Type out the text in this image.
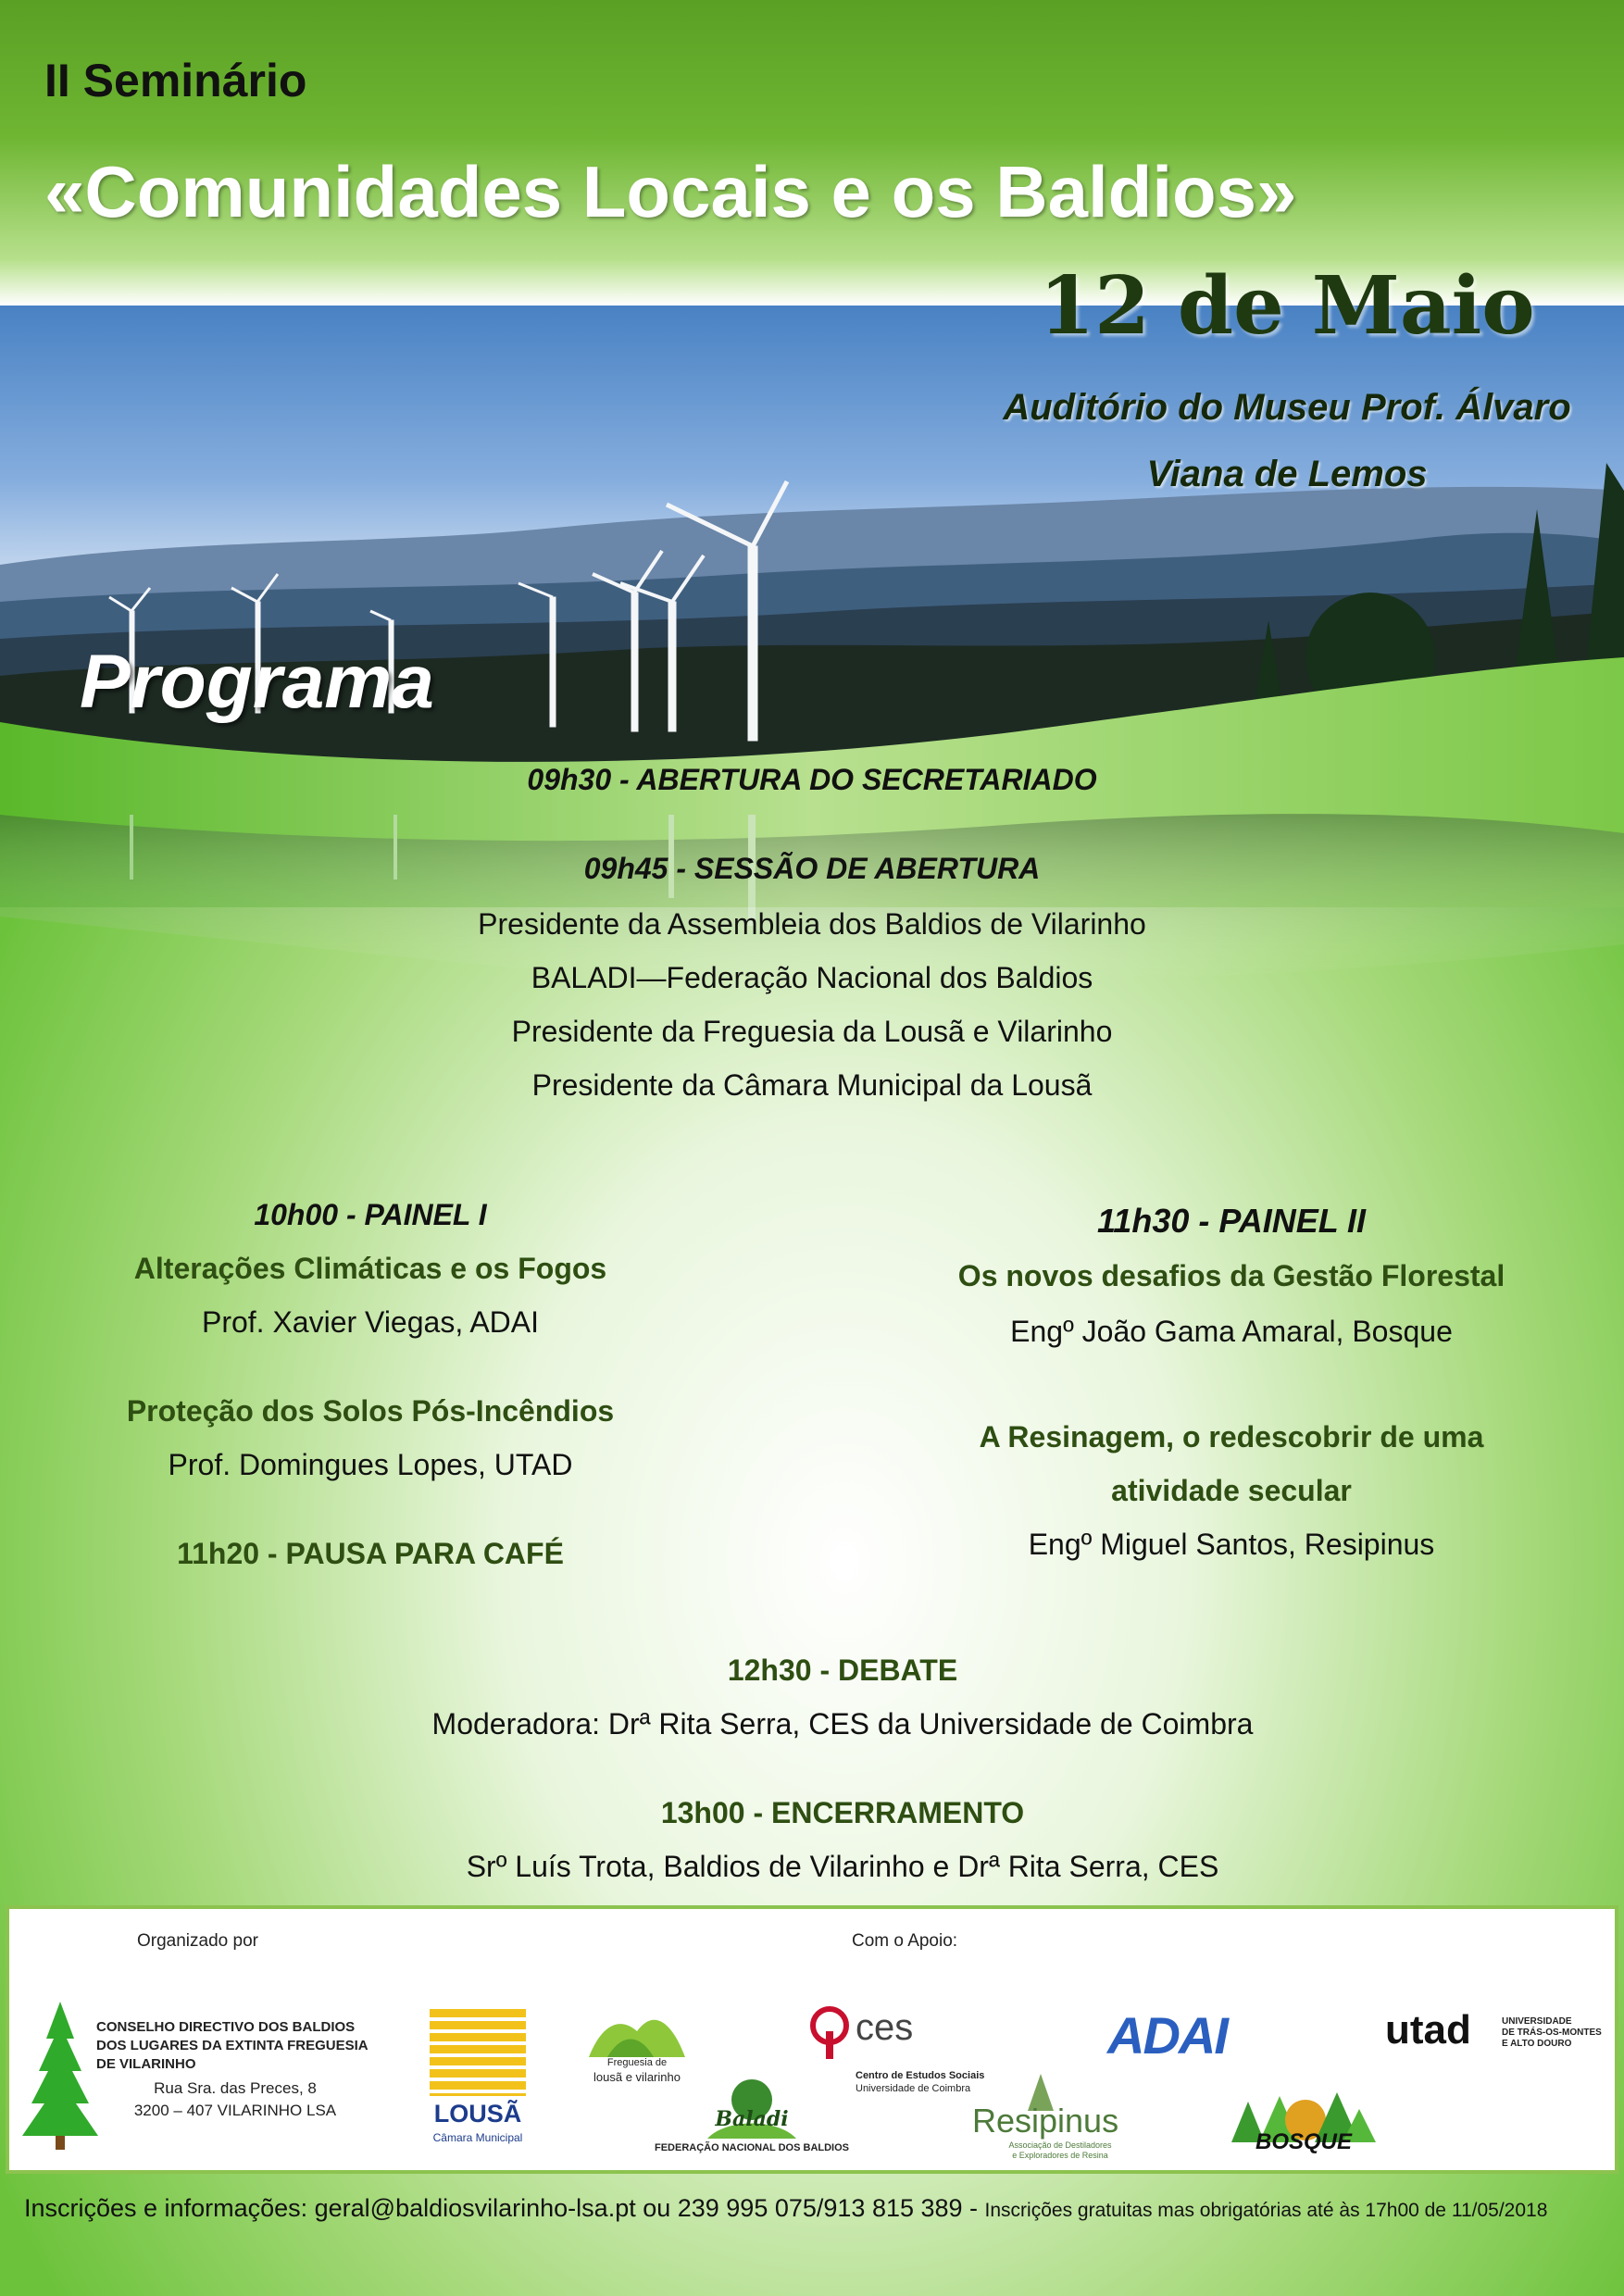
II Seminário
«Comunidades Locais e os Baldios»
12 de Maio
Auditório do Museu Prof. Álvaro
Viana de Lemos
Programa
09h30 - ABERTURA DO SECRETARIADO
09h45 - SESSÃO DE ABERTURA
Presidente da Assembleia dos Baldios de Vilarinho
BALADI—Federação Nacional dos Baldios
Presidente da Freguesia da Lousã e Vilarinho
Presidente da Câmara Municipal da Lousã
10h00 - PAINEL I
Alterações Climáticas e os Fogos
Prof. Xavier Viegas, ADAI
Proteção dos Solos Pós-Incêndios
Prof. Domingues Lopes, UTAD
11h20 - PAUSA PARA CAFÉ
11h30 - PAINEL II
Os novos desafios da Gestão Florestal
Engº João Gama Amaral, Bosque
A Resinagem, o redescobrir de uma
atividade secular
Engº Miguel Santos, Resipinus
12h30 - DEBATE
Moderadora: Drª Rita Serra, CES da Universidade de Coimbra
13h00 - ENCERRAMENTO
Srº Luís Trota, Baldios de Vilarinho e Drª Rita Serra, CES
Organizado por	Com o Apoio:
CONSELHO DIRECTIVO DOS BALDIOS
DOS LUGARES DA EXTINTA FREGUESIA
DE VILARINHO
Rua Sra. das Preces, 8
3200 – 407 VILARINHO LSA	LOUSÃ
Câmara Municipal
Freguesia de
lousã e vilarinho
Baladi
FEDERAÇÃO NACIONAL DOS BALDIOS
ces
Centro de Estudos Sociais
Universidade de Coimbra
Resipinus
Associação de Destiladores
e Exploradores de Resina
ADAI	utad	UNIVERSIDADE
DE TRÁS-OS-MONTES
E ALTO DOURO
BOSQUE
Inscrições e informações: geral@baldiosvilarinho-lsa.pt ou 239 995 075/913 815 389 - Inscrições gratuitas mas obrigatórias até às 17h00 de 11/05/2018
